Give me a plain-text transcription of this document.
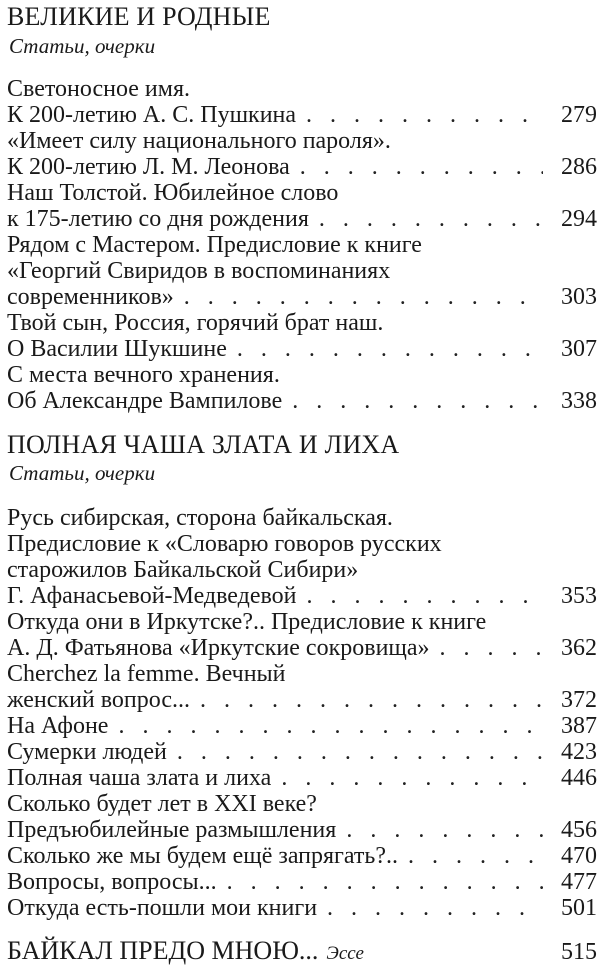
ВЕЛИКИЕ И РОДНЫЕ
Статьи, очерки
Светоносное имя.
К 200-летию А. С. Пушкина . . .	279
«Имеет силу национального пароля».
К 200-летию Л. М. Леонова . . .	286
Наш Толстой. Юбилейное слово
к 175-летию со дня рождения . . .	294
Рядом с Мастером. Предисловие к книге
«Георгий Свиридов в воспоминаниях
современников» . . .	303
Твой сын, Россия, горячий брат наш.
О Василии Шукшине . . .	307
С места вечного хранения.
Об Александре Вампилове . . .	338
ПОЛНАЯ ЧАША ЗЛАТА И ЛИХА
Статьи, очерки
Русь сибирская, сторона байкальская.
Предисловие к «Словарю говоров русских
старожилов Байкальской Сибири»
Г. Афанасьевой-Медведевой . . .	353
Откуда они в Иркутске?.. Предисловие к книге
А. Д. Фатьянова «Иркутские сокровища» . . .	362
Cherchez la femme. Вечный
женский вопрос... . . .	372
На Афоне . . .	387
Сумерки людей . . .	423
Полная чаша злата и лиха . . .	446
Сколько будет лет в XXI веке?
Предъюбилейные размышления . . .	456
Сколько же мы будем ещё запрягать?.. . . .	470
Вопросы, вопросы... . . .	477
Откуда есть-пошли мои книги . . .	501
БАЙКАЛ ПРЕДО МНОЮ... Эссе	515
